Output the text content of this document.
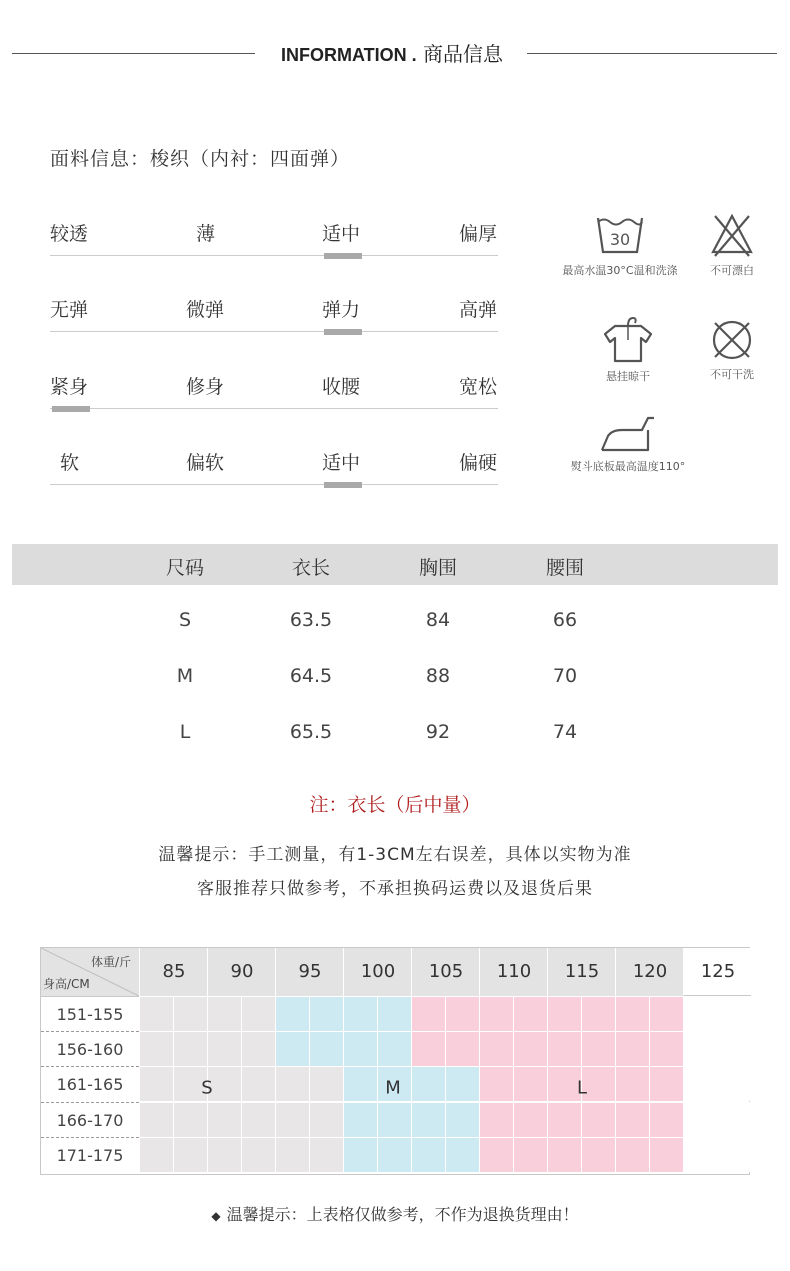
INFORMATION . 商品信息
面料信息：梭织（内衬：四面弹）
较透	薄	适中	偏厚
无弹	微弹	弹力	高弹
紧身	修身	收腰	宽松
软	偏软	适中	偏硬
30
最高水温30°C温和洗涤	不可漂白
悬挂晾干	不可干洗
熨斗底板最高温度110°
尺码	衣长	胸围	腰围
S	63.5	84	66
M	64.5	88	70
L	65.5	92	74
注：衣长（后中量）
温馨提示：手工测量，有1-3CM左右误差，具体以实物为准
客服推荐只做参考，不承担换码运费以及退货后果
体重/斤
身高/CM
85	90	95 100 105 110 115 120 125
151-155
156-160
161-165
166-170
171-175
S	M	L
◆ 温馨提示：上表格仅做参考，不作为退换货理由！
